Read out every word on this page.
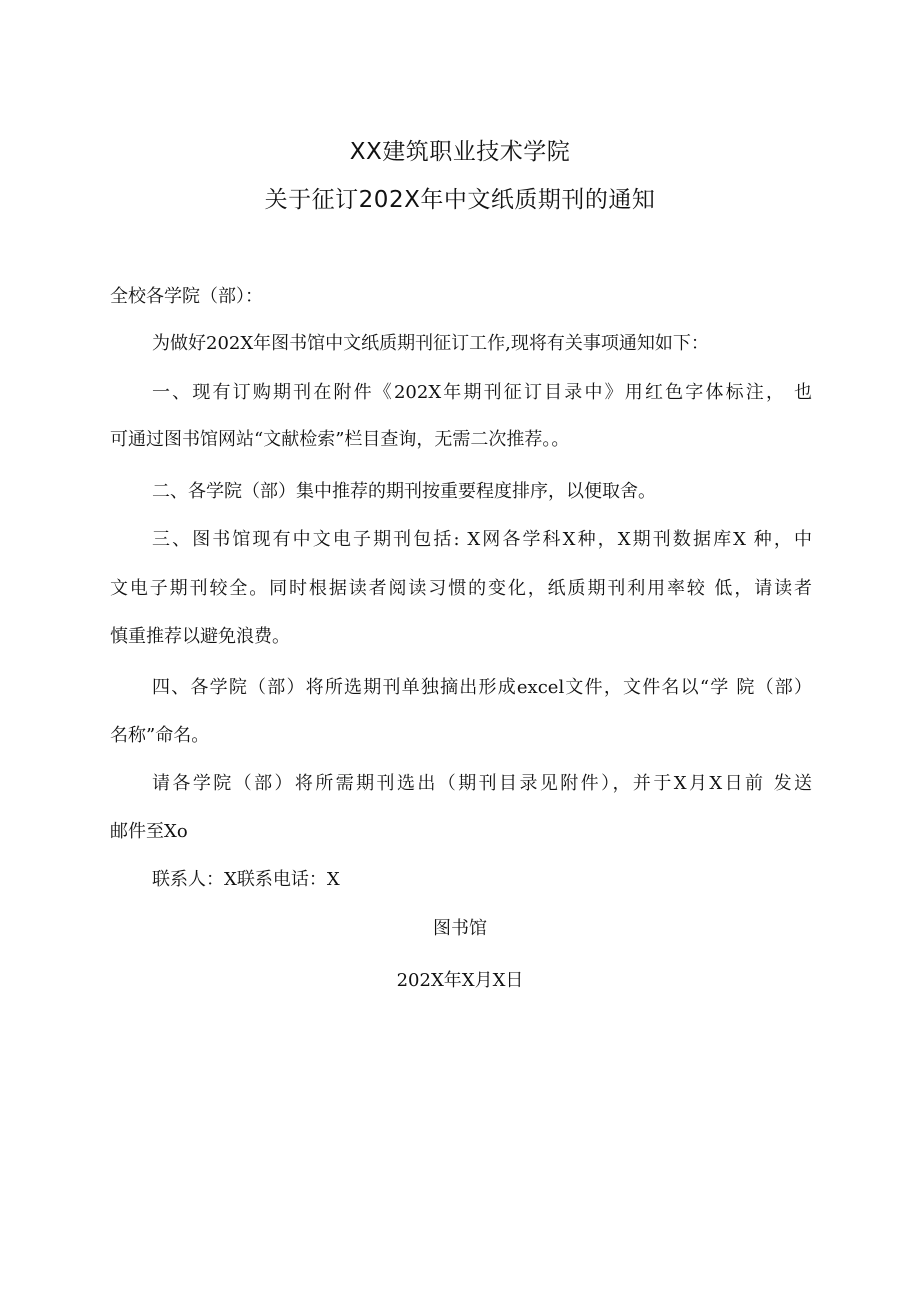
XX建筑职业技术学院
关于征订202X年中文纸质期刊的通知
全校各学院（部）：
为做好202X年图书馆中文纸质期刊征订工作,现将有关事项通知如下：
一、现有订购期刊在附件《202X年期刊征订目录中》用红色字体标注， 也
可通过图书馆网站“文献检索”栏目查询，无需二次推荐。。
二、各学院（部）集中推荐的期刊按重要程度排序，以便取舍。
三、图书馆现有中文电子期刊包括: X网各学科X种，X期刊数据库X 种，中
文电子期刊较全。同时根据读者阅读习惯的变化，纸质期刊利用率较 低，请读者
慎重推荐以避免浪费。
四、各学院（部）将所选期刊单独摘出形成excel文件，文件名以“学 院（部）
名称”命名。
请各学院（部）将所需期刊选出（期刊目录见附件），并于X月X日前 发送
邮件至Xo
联系人：X联系电话：X
图书馆
202X年X月X日
